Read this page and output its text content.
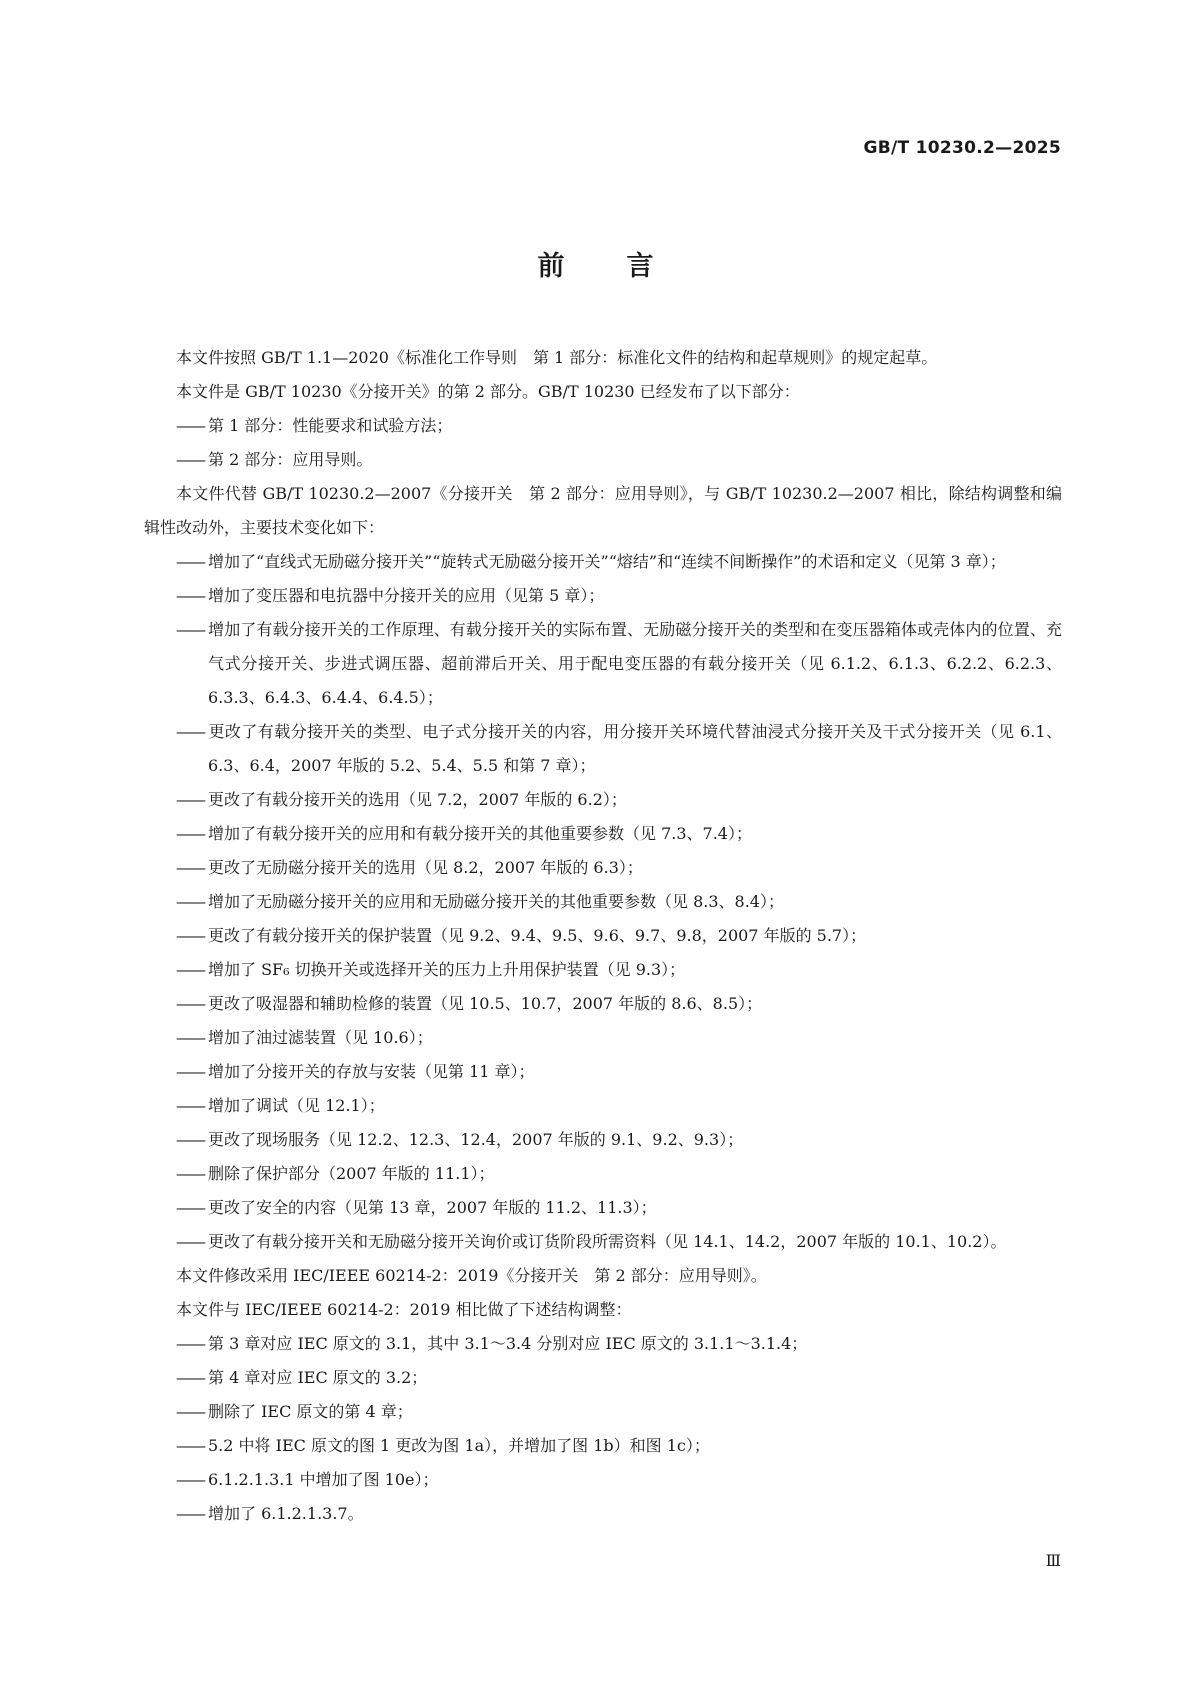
GB/T 10230.2—2025
前言

本文件按照 GB/T 1.1—2020《标准化工作导则　第 1 部分：标准化文件的结构和起草规则》的规定起草。

本文件是 GB/T 10230《分接开关》的第 2 部分。GB/T 10230 已经发布了以下部分：

—— 第 1 部分：性能要求和试验方法；

—— 第 2 部分：应用导则。

本文件代替 GB/T 10230.2—2007《分接开关　第 2 部分：应用导则》，与 GB/T 10230.2—2007 相比，除结构调整和编辑性改动外，主要技术变化如下：

—— 增加了“直线式无励磁分接开关”“旋转式无励磁分接开关”“熔结”和“连续不间断操作”的术语和定义（见第 3 章）；

—— 增加了变压器和电抗器中分接开关的应用（见第 5 章）；

—— 增加了有载分接开关的工作原理、有载分接开关的实际布置、无励磁分接开关的类型和在变压器箱体或壳体内的位置、充气式分接开关、步进式调压器、超前滞后开关、用于配电变压器的有载分接开关（见 6.1.2、6.1.3、6.2.2、6.2.3、6.3.3、6.4.3、6.4.4、6.4.5）；

—— 更改了有载分接开关的类型、电子式分接开关的内容，用分接开关环境代替油浸式分接开关及干式分接开关（见 6.1、6.3、6.4，2007 年版的 5.2、5.4、5.5 和第 7 章）；

—— 更改了有载分接开关的选用（见 7.2，2007 年版的 6.2）；

—— 增加了有载分接开关的应用和有载分接开关的其他重要参数（见 7.3、7.4）；

—— 更改了无励磁分接开关的选用（见 8.2，2007 年版的 6.3）；

—— 增加了无励磁分接开关的应用和无励磁分接开关的其他重要参数（见 8.3、8.4）；

—— 更改了有载分接开关的保护装置（见 9.2、9.4、9.5、9.6、9.7、9.8，2007 年版的 5.7）；

—— 增加了 SF₆ 切换开关或选择开关的压力上升用保护装置（见 9.3）；

—— 更改了吸湿器和辅助检修的装置（见 10.5、10.7，2007 年版的 8.6、8.5）；

—— 增加了油过滤装置（见 10.6）；

—— 增加了分接开关的存放与安装（见第 11 章）；

—— 增加了调试（见 12.1）；

—— 更改了现场服务（见 12.2、12.3、12.4，2007 年版的 9.1、9.2、9.3）；

—— 删除了保护部分（2007 年版的 11.1）；

—— 更改了安全的内容（见第 13 章，2007 年版的 11.2、11.3）；

—— 更改了有载分接开关和无励磁分接开关询价或订货阶段所需资料（见 14.1、14.2，2007 年版的 10.1、10.2）。

本文件修改采用 IEC/IEEE 60214-2：2019《分接开关　第 2 部分：应用导则》。

本文件与 IEC/IEEE 60214-2：2019 相比做了下述结构调整：

—— 第 3 章对应 IEC 原文的 3.1，其中 3.1～3.4 分别对应 IEC 原文的 3.1.1～3.1.4；

—— 第 4 章对应 IEC 原文的 3.2；

—— 删除了 IEC 原文的第 4 章；

—— 5.2 中将 IEC 原文的图 1 更改为图 1a），并增加了图 1b）和图 1c）；

—— 6.1.2.1.3.1 中增加了图 10e）；

—— 增加了 6.1.2.1.3.7。

Ⅲ
